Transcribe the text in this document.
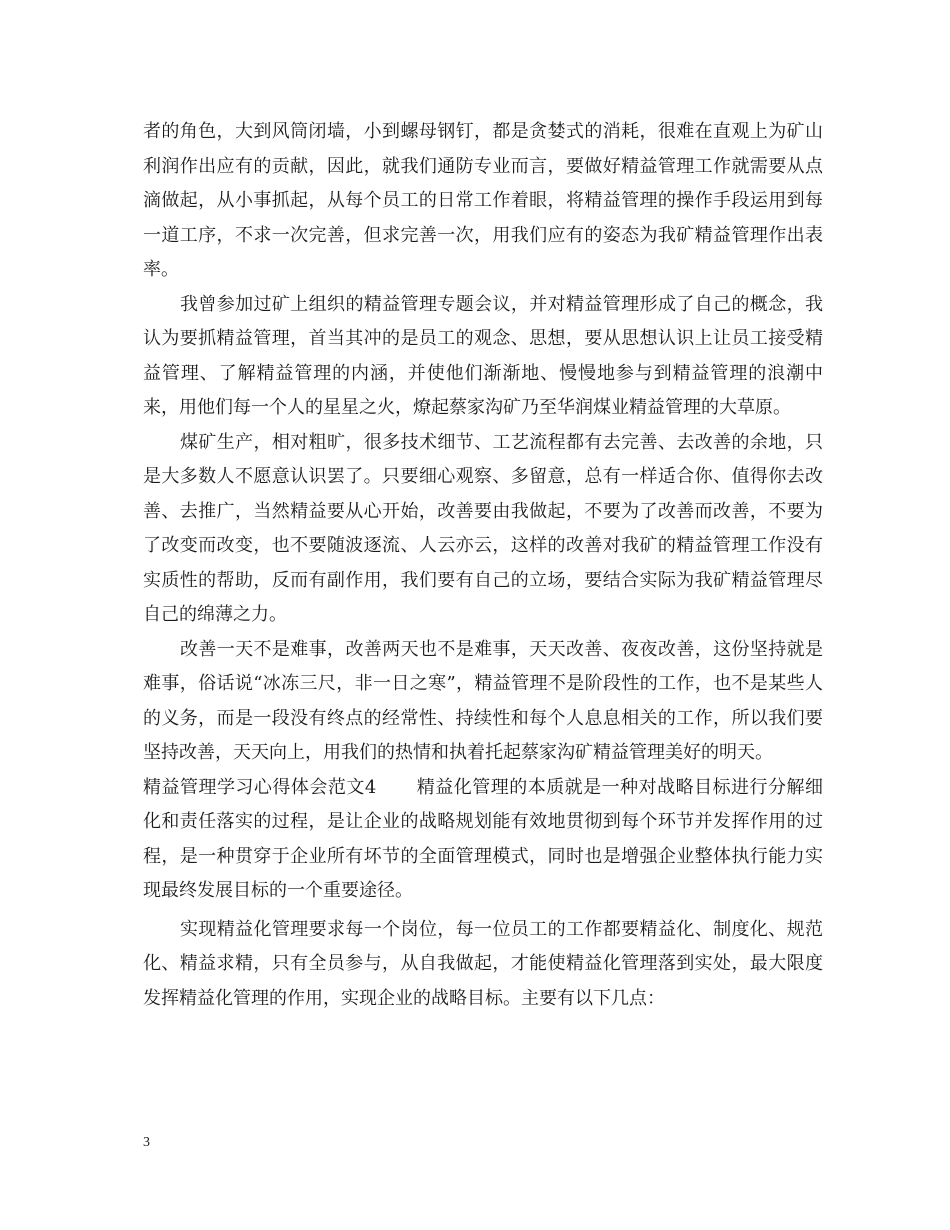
者的角色，大到风筒闭墙，小到螺母钢钉，都是贪婪式的消耗，很难在直观上为矿山利润作出应有的贡献，因此，就我们通防专业而言，要做好精益管理工作就需要从点滴做起，从小事抓起，从每个员工的日常工作着眼，将精益管理的操作手段运用到每一道工序，不求一次完善，但求完善一次，用我们应有的姿态为我矿精益管理作出表率。

我曾参加过矿上组织的精益管理专题会议，并对精益管理形成了自己的概念，我认为要抓精益管理，首当其冲的是员工的观念、思想，要从思想认识上让员工接受精益管理、了解精益管理的内涵，并使他们渐渐地、慢慢地参与到精益管理的浪潮中来，用他们每一个人的星星之火，燎起蔡家沟矿乃至华润煤业精益管理的大草原。

煤矿生产，相对粗旷，很多技术细节、工艺流程都有去完善、去改善的余地，只是大多数人不愿意认识罢了。只要细心观察、多留意，总有一样适合你、值得你去改善、去推广，当然精益要从心开始，改善要由我做起，不要为了改善而改善，不要为了改变而改变，也不要随波逐流、人云亦云，这样的改善对我矿的精益管理工作没有实质性的帮助，反而有副作用，我们要有自己的立场，要结合实际为我矿精益管理尽自己的绵薄之力。

改善一天不是难事，改善两天也不是难事，天天改善、夜夜改善，这份坚持就是难事，俗话说“冰冻三尺，非一日之寒”，精益管理不是阶段性的工作，也不是某些人的义务，而是一段没有终点的经常性、持续性和每个人息息相关的工作，所以我们要坚持改善，天天向上，用我们的热情和执着托起蔡家沟矿精益管理美好的明天。

精益管理学习心得体会范文4 精益化管理的本质就是一种对战略目标进行分解细化和责任落实的过程，是让企业的战略规划能有效地贯彻到每个环节并发挥作用的过程，是一种贯穿于企业所有坏节的全面管理模式，同时也是增强企业整体执行能力实现最终发展目标的一个重要途径。

实现精益化管理要求每一个岗位，每一位员工的工作都要精益化、制度化、规范化、精益求精，只有全员参与，从自我做起，才能使精益化管理落到实处，最大限度发挥精益化管理的作用，实现企业的战略目标。主要有以下几点：

3
